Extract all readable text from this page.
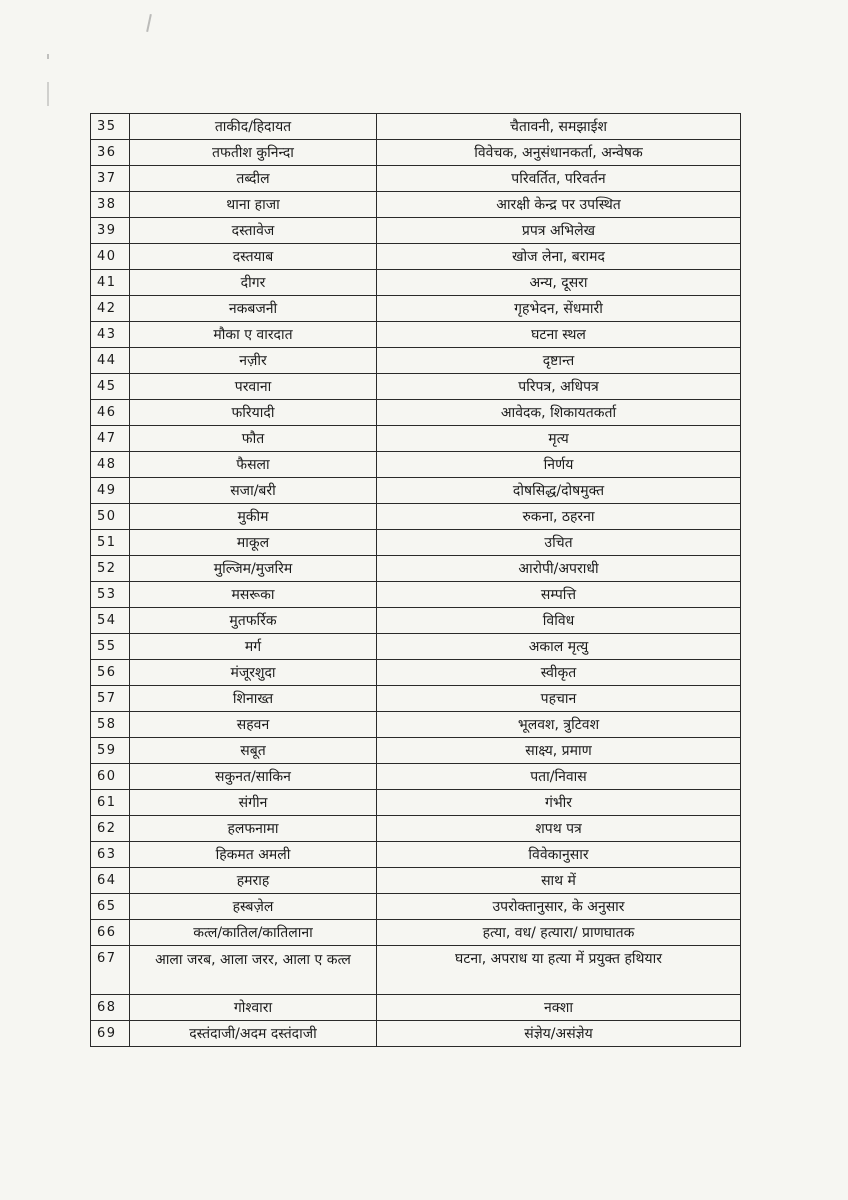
35	ताकीद/हिदायत	चैतावनी, समझाईश
36	तफतीश कुनिन्दा	विवेचक, अनुसंधानकर्ता, अन्वेषक
37	तब्दील	परिवर्तित, परिवर्तन
38	थाना हाजा	आरक्षी केन्द्र पर उपस्थित
39	दस्तावेज	प्रपत्र अभिलेख
40	दस्तयाब	खोज लेना, बरामद
41	दीगर	अन्य, दूसरा
42	नकबजनी	गृहभेदन, सेंधमारी
43	मौका ए वारदात	घटना स्थल
44	नज़ीर	दृष्टान्त
45	परवाना	परिपत्र, अधिपत्र
46	फरियादी	आवेदक, शिकायतकर्ता
47	फौत	मृत्य
48	फैसला	निर्णय
49	सजा/बरी	दोषसिद्ध/दोषमुक्त
50	मुकीम	रुकना, ठहरना
51	माकूल	उचित
52	मुल्जिम/मुजरिम	आरोपी/अपराधी
53	मसरूका	सम्पत्ति
54	मुतफर्रिक	विविध
55	मर्ग	अकाल मृत्यु
56	मंजूरशुदा	स्वीकृत
57	शिनाख्त	पहचान
58	सहवन	भूलवश, त्रुटिवश
59	सबूत	साक्ष्य, प्रमाण
60	सकुनत/साकिन	पता/निवास
61	संगीन	गंभीर
62	हलफनामा	शपथ पत्र
63	हिकमत अमली	विवेकानुसार
64	हमराह	साथ में
65	हस्बज़ेल	उपरोक्तानुसार, के अनुसार
66	कत्ल/कातिल/कातिलाना	हत्या, वध/ हत्यारा/ प्राणघातक
67	आला जरब, आला जरर, आला ए कत्ल	घटना, अपराध या हत्या में प्रयुक्त हथियार
68	गोश्वारा	नक्शा
69	दस्तंदाजी/अदम दस्तंदाजी	संज्ञेय/असंज्ञेय
